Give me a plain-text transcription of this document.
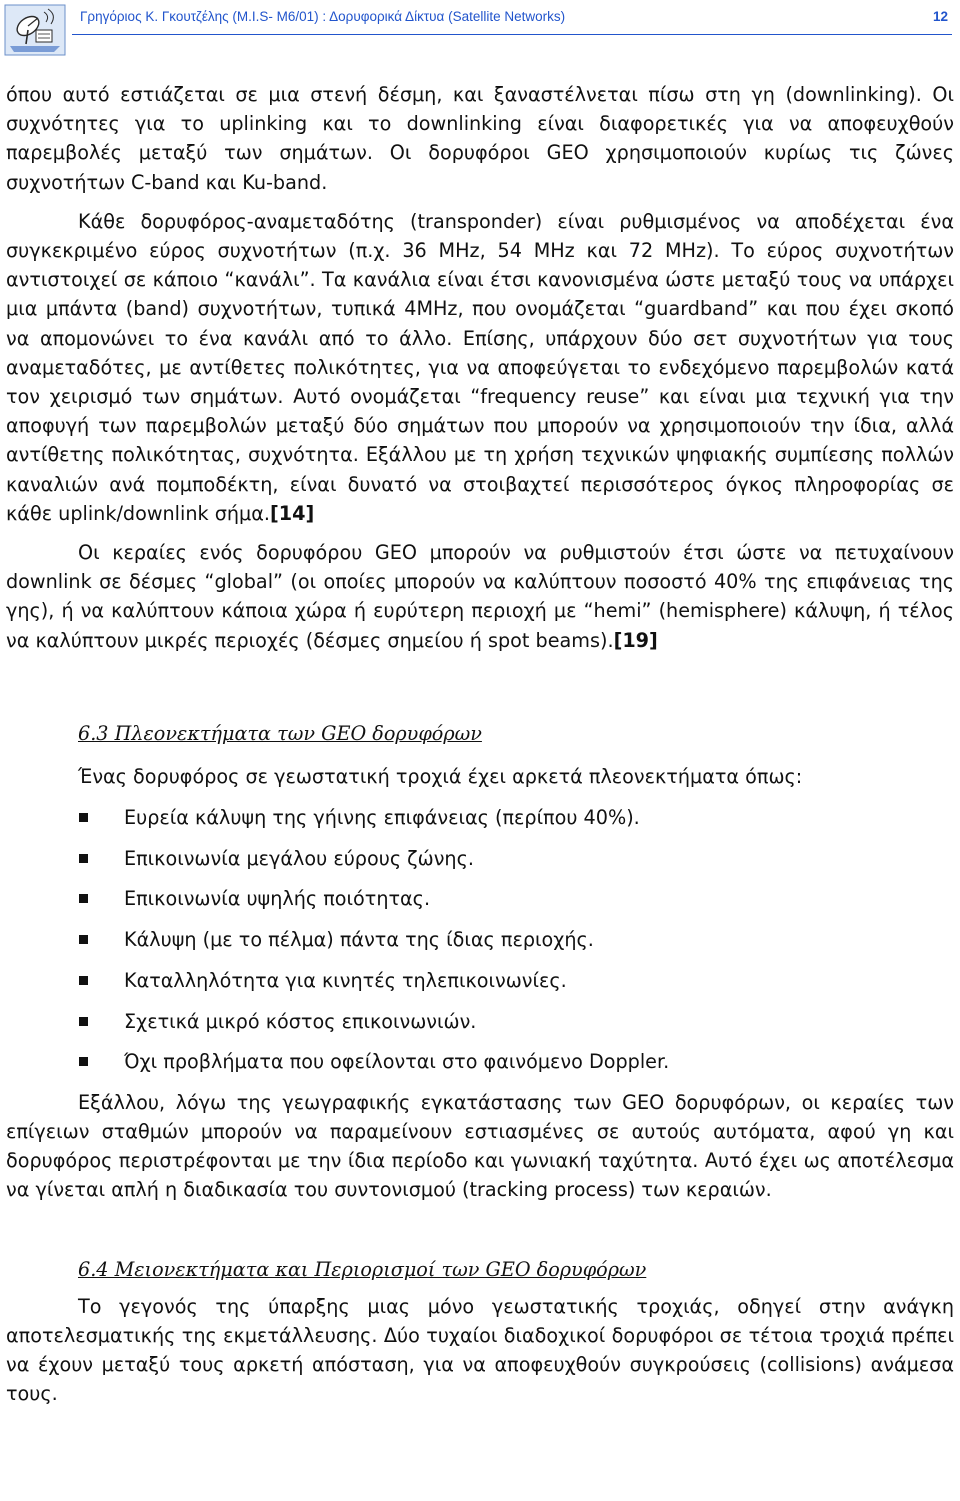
Γρηγόριος Κ. Γκουτζέλης (Μ.Ι.S- M6/01) : Δορυφορικά Δίκτυα (Satellite Networks)	12

όπου αυτό εστιάζεται σε μια στενή δέσμη, και ξαναστέλνεται πίσω στη γη (downlinking). Οι συχνότητες για το uplinking και το downlinking είναι διαφορετικές για να αποφευχθούν παρεμβολές μεταξύ των σημάτων. Οι δορυφόροι GEO χρησιμοποιούν κυρίως τις ζώνες συχνοτήτων C-band και Ku-band.

Κάθε δορυφόρος-αναμεταδότης (transponder) είναι ρυθμισμένος να αποδέχεται ένα συγκεκριμένο εύρος συχνοτήτων (π.χ. 36 MHz, 54 MHz και 72 MHz). Το εύρος συχνοτήτων αντιστοιχεί σε κάποιο “κανάλι”. Τα κανάλια είναι έτσι κανονισμένα ώστε μεταξύ τους να υπάρχει μια μπάντα (band) συχνοτήτων, τυπικά 4MHz, που ονομάζεται “guardband” και που έχει σκοπό να απομονώνει το ένα κανάλι από το άλλο. Επίσης, υπάρχουν δύο σετ συχνοτήτων για τους αναμεταδότες, με αντίθετες πολικότητες, για να αποφεύγεται το ενδεχόμενο παρεμβολών κατά τον χειρισμό των σημάτων. Αυτό ονομάζεται “frequency reuse” και είναι μια τεχνική για την αποφυγή των παρεμβολών μεταξύ δύο σημάτων που μπορούν να χρησιμοποιούν την ίδια, αλλά αντίθετης πολικότητας, συχνότητα. Εξάλλου με τη χρήση τεχνικών ψηφιακής συμπίεσης πολλών καναλιών ανά πομποδέκτη, είναι δυνατό να στοιβαχτεί περισσότερος όγκος πληροφορίας σε κάθε uplink/downlink σήμα.[14]

Οι κεραίες ενός δορυφόρου GEO μπορούν να ρυθμιστούν έτσι ώστε να πετυχαίνουν downlink σε δέσμες “global” (οι οποίες μπορούν να καλύπτουν ποσοστό 40% της επιφάνειας της γης), ή να καλύπτουν κάποια χώρα ή ευρύτερη περιοχή με “hemi” (hemisphere) κάλυψη, ή τέλος να καλύπτουν μικρές περιοχές (δέσμες σημείου ή spot beams).[19]

6.3 Πλεονεκτήματα των GEO δορυφόρων

Ένας δορυφόρος σε γεωστατική τροχιά έχει αρκετά πλεονεκτήματα όπως:

Ευρεία κάλυψη της γήινης επιφάνειας (περίπου 40%).
Επικοινωνία μεγάλου εύρους ζώνης.
Επικοινωνία υψηλής ποιότητας.
Κάλυψη (με το πέλμα) πάντα της ίδιας περιοχής.
Καταλληλότητα για κινητές τηλεπικοινωνίες.
Σχετικά μικρό κόστος επικοινωνιών.
Όχι προβλήματα που οφείλονται στο φαινόμενο Doppler.

Εξάλλου, λόγω της γεωγραφικής εγκατάστασης των GEO δορυφόρων, οι κεραίες των επίγειων σταθμών μπορούν να παραμείνουν εστιασμένες σε αυτούς αυτόματα, αφού γη και δορυφόρος περιστρέφονται με την ίδια περίοδο και γωνιακή ταχύτητα. Αυτό έχει ως αποτέλεσμα να γίνεται απλή η διαδικασία του συντονισμού (tracking process) των κεραιών.

6.4 Μειονεκτήματα και Περιορισμοί των GEO δορυφόρων

Το γεγονός της ύπαρξης μιας μόνο γεωστατικής τροχιάς, οδηγεί στην ανάγκη αποτελεσματικής της εκμετάλλευσης. Δύο τυχαίοι διαδοχικοί δορυφόροι σε τέτοια τροχιά πρέπει να έχουν μεταξύ τους αρκετή απόσταση, για να αποφευχθούν συγκρούσεις (collisions) ανάμεσα τους.
